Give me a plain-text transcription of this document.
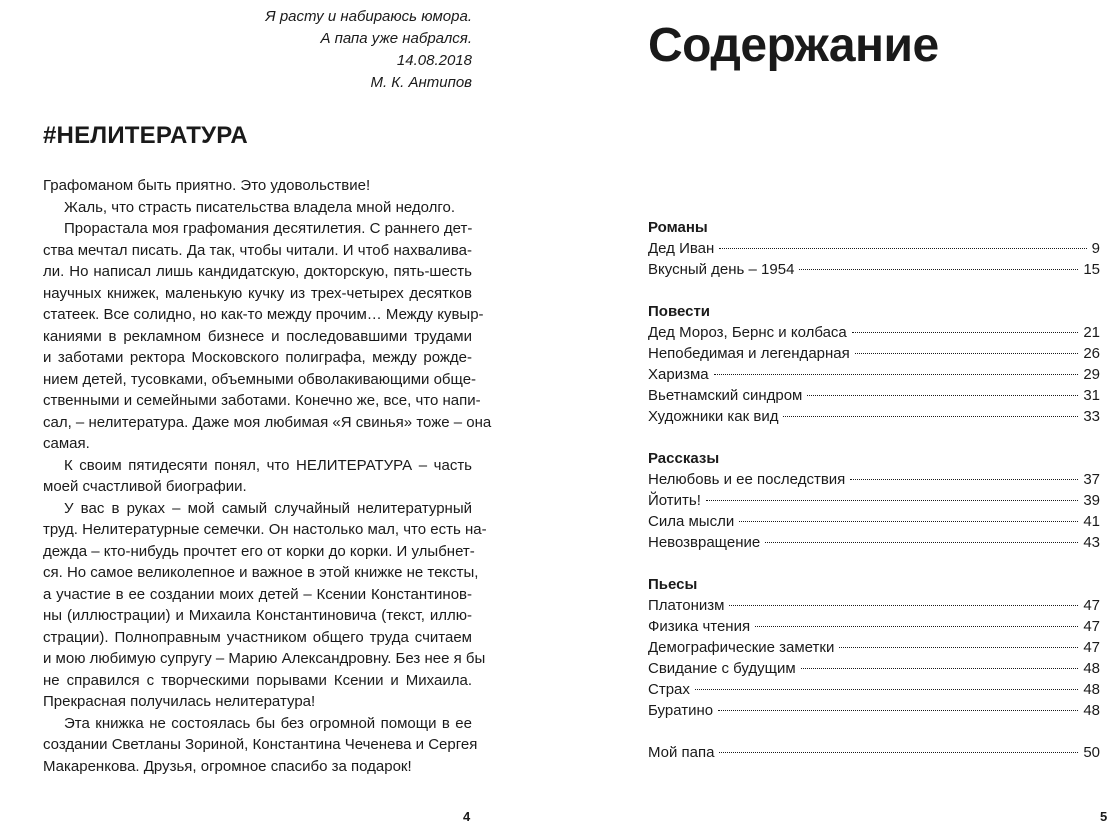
Я расту и набираюсь юмора.
А папа уже набрался.
14.08.2018
М. К. Антипов
#НЕЛИТЕРАТУРА

Графоманом быть приятно. Это удовольствие!

Жаль, что страсть писательства владела мной недолго.

Прорастала моя графомания десятилетия. С раннего дет-
ства мечтал писать. Да так, чтобы читали. И чтоб нахвалива-
ли. Но написал лишь кандидатскую, докторскую, пять-шесть
научных книжек, маленькую кучку из трех-четырех десятков
статеек. Все солидно, но как-то между прочим… Между кувыр-
каниями в рекламном бизнесе и последовавшими трудами
и заботами ректора Московского полиграфа, между рожде-
нием детей, тусовками, объемными обволакивающими обще-
ственными и семейными заботами. Конечно же, все, что напи-
сал, – нелитература. Даже моя любимая «Я свинья» тоже – она
самая.

К своим пятидесяти понял, что НЕЛИТЕРАТУРА – часть
моей счастливой биографии.

У вас в руках – мой самый случайный нелитературный
труд. Нелитературные семечки. Он настолько мал, что есть на-
дежда – кто-нибудь прочтет его от корки до корки. И улыбнет-
ся. Но самое великолепное и важное в этой книжке не тексты,
а участие в ее создании моих детей – Ксении Константинов-
ны (иллюстрации) и Михаила Константиновича (текст, иллю-
страции). Полноправным участником общего труда считаем
и мою любимую супругу – Марию Александровну. Без нее я бы
не справился с творческими порывами Ксении и Михаила.
Прекрасная получилась нелитература!

Эта книжка не состоялась бы без огромной помощи в ее
создании Светланы Зориной, Константина Чеченева и Сергея
Макаренкова. Друзья, огромное спасибо за подарок!

4
Содержание
Романы
Дед Иван	9
Вкусный день – 1954	15
Повести
Дед Мороз, Бернс и колбаса	21
Непобедимая и легендарная	26
Харизма	29
Вьетнамский синдром	31
Художники как вид	33
Рассказы
Нелюбовь и ее последствия	37
Йотить!	39
Сила мысли	41
Невозвращение	43
Пьесы
Платонизм	47
Физика чтения	47
Демографические заметки	47
Свидание с будущим	48
Страх	48
Буратино	48
Мой папа	50
5
